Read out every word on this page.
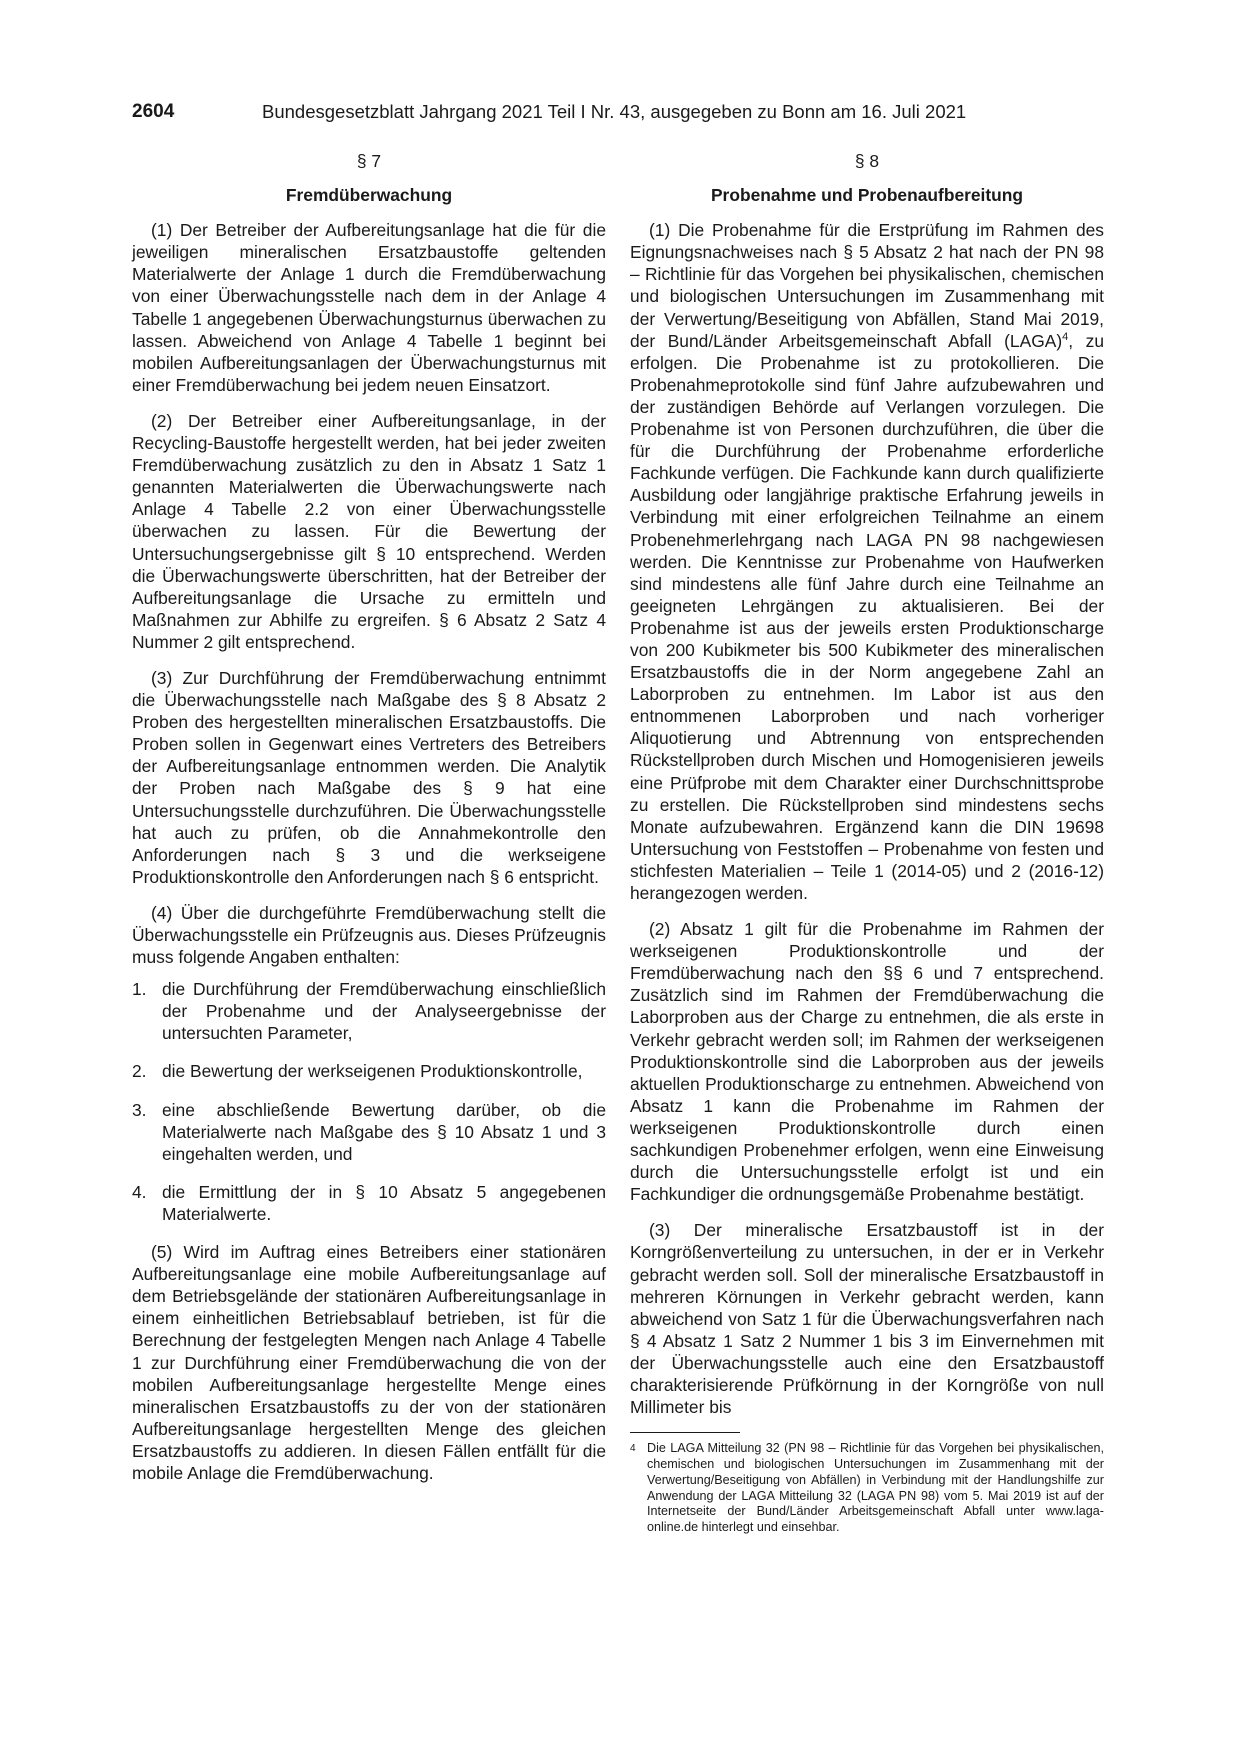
2604	Bundesgesetzblatt Jahrgang 2021 Teil I Nr. 43, ausgegeben zu Bonn am 16. Juli 2021
§ 7
Fremdüberwachung

(1) Der Betreiber der Aufbereitungsanlage hat die für die jeweiligen mineralischen Ersatzbaustoffe geltenden Materialwerte der Anlage 1 durch die Fremdüberwachung von einer Überwachungsstelle nach dem in der Anlage 4 Tabelle 1 angegebenen Überwachungsturnus überwachen zu lassen. Abweichend von Anlage 4 Tabelle 1 beginnt bei mobilen Aufbereitungsanlagen der Überwachungsturnus mit einer Fremdüberwachung bei jedem neuen Einsatzort.

(2) Der Betreiber einer Aufbereitungsanlage, in der Recycling-Baustoffe hergestellt werden, hat bei jeder zweiten Fremdüberwachung zusätzlich zu den in Absatz 1 Satz 1 genannten Materialwerten die Überwachungswerte nach Anlage 4 Tabelle 2.2 von einer Überwachungsstelle überwachen zu lassen. Für die Bewertung der Untersuchungsergebnisse gilt § 10 entsprechend. Werden die Überwachungswerte überschritten, hat der Betreiber der Aufbereitungsanlage die Ursache zu ermitteln und Maßnahmen zur Abhilfe zu ergreifen. § 6 Absatz 2 Satz 4 Nummer 2 gilt entsprechend.

(3) Zur Durchführung der Fremdüberwachung entnimmt die Überwachungsstelle nach Maßgabe des § 8 Absatz 2 Proben des hergestellten mineralischen Ersatzbaustoffs. Die Proben sollen in Gegenwart eines Vertreters des Betreibers der Aufbereitungsanlage entnommen werden. Die Analytik der Proben nach Maßgabe des § 9 hat eine Untersuchungsstelle durchzuführen. Die Überwachungsstelle hat auch zu prüfen, ob die Annahmekontrolle den Anforderungen nach § 3 und die werkseigene Produktionskontrolle den Anforderungen nach § 6 entspricht.

(4) Über die durchgeführte Fremdüberwachung stellt die Überwachungsstelle ein Prüfzeugnis aus. Dieses Prüfzeugnis muss folgende Angaben enthalten:

1. die Durchführung der Fremdüberwachung einschließlich der Probenahme und der Analyseergebnisse der untersuchten Parameter,
2. die Bewertung der werkseigenen Produktionskontrolle,
3. eine abschließende Bewertung darüber, ob die Materialwerte nach Maßgabe des § 10 Absatz 1 und 3 eingehalten werden, und
4. die Ermittlung der in § 10 Absatz 5 angegebenen Materialwerte.

(5) Wird im Auftrag eines Betreibers einer stationären Aufbereitungsanlage eine mobile Aufbereitungsanlage auf dem Betriebsgelände der stationären Aufbereitungsanlage in einem einheitlichen Betriebsablauf betrieben, ist für die Berechnung der festgelegten Mengen nach Anlage 4 Tabelle 1 zur Durchführung einer Fremdüberwachung die von der mobilen Aufbereitungsanlage hergestellte Menge eines mineralischen Ersatzbaustoffs zu der von der stationären Aufbereitungsanlage hergestellten Menge des gleichen Ersatzbaustoffs zu addieren. In diesen Fällen entfällt für die mobile Anlage die Fremdüberwachung.

§ 8
Probenahme und Probenaufbereitung

(1) Die Probenahme für die Erstprüfung im Rahmen des Eignungsnachweises nach § 5 Absatz 2 hat nach der PN 98 – Richtlinie für das Vorgehen bei physikalischen, chemischen und biologischen Untersuchungen im Zusammenhang mit der Verwertung/Beseitigung von Abfällen, Stand Mai 2019, der Bund/Länder Arbeitsgemeinschaft Abfall (LAGA)$^4$, zu erfolgen. Die Probenahme ist zu protokollieren. Die Probenahmeprotokolle sind fünf Jahre aufzubewahren und der zuständigen Behörde auf Verlangen vorzulegen. Die Probenahme ist von Personen durchzuführen, die über die für die Durchführung der Probenahme erforderliche Fachkunde verfügen. Die Fachkunde kann durch qualifizierte Ausbildung oder langjährige praktische Erfahrung jeweils in Verbindung mit einer erfolgreichen Teilnahme an einem Probenehmerlehrgang nach LAGA PN 98 nachgewiesen werden. Die Kenntnisse zur Probenahme von Haufwerken sind mindestens alle fünf Jahre durch eine Teilnahme an geeigneten Lehrgängen zu aktualisieren. Bei der Probenahme ist aus der jeweils ersten Produktionscharge von 200 Kubikmeter bis 500 Kubikmeter des mineralischen Ersatzbaustoffs die in der Norm angegebene Zahl an Laborproben zu entnehmen. Im Labor ist aus den entnommenen Laborproben und nach vorheriger Aliquotierung und Abtrennung von entsprechenden Rückstellproben durch Mischen und Homogenisieren jeweils eine Prüfprobe mit dem Charakter einer Durchschnittsprobe zu erstellen. Die Rückstellproben sind mindestens sechs Monate aufzubewahren. Ergänzend kann die DIN 19698 Untersuchung von Feststoffen – Probenahme von festen und stichfesten Materialien – Teile 1 (2014-05) und 2 (2016-12) herangezogen werden.

(2) Absatz 1 gilt für die Probenahme im Rahmen der werkseigenen Produktionskontrolle und der Fremdüberwachung nach den §§ 6 und 7 entsprechend. Zusätzlich sind im Rahmen der Fremdüberwachung die Laborproben aus der Charge zu entnehmen, die als erste in Verkehr gebracht werden soll; im Rahmen der werkseigenen Produktionskontrolle sind die Laborproben aus der jeweils aktuellen Produktionscharge zu entnehmen. Abweichend von Absatz 1 kann die Probenahme im Rahmen der werkseigenen Produktionskontrolle durch einen sachkundigen Probenehmer erfolgen, wenn eine Einweisung durch die Untersuchungsstelle erfolgt ist und ein Fachkundiger die ordnungsgemäße Probenahme bestätigt.

(3) Der mineralische Ersatzbaustoff ist in der Korngrößenverteilung zu untersuchen, in der er in Verkehr gebracht werden soll. Soll der mineralische Ersatzbaustoff in mehreren Körnungen in Verkehr gebracht werden, kann abweichend von Satz 1 für die Überwachungsverfahren nach § 4 Absatz 1 Satz 2 Nummer 1 bis 3 im Einvernehmen mit der Überwachungsstelle auch eine den Ersatzbaustoff charakterisierende Prüfkörnung in der Korngröße von null Millimeter bis

4 Die LAGA Mitteilung 32 (PN 98 – Richtlinie für das Vorgehen bei physikalischen, chemischen und biologischen Untersuchungen im Zusammenhang mit der Verwertung/Beseitigung von Abfällen) in Verbindung mit der Handlungshilfe zur Anwendung der LAGA Mitteilung 32 (LAGA PN 98) vom 5. Mai 2019 ist auf der Internetseite der Bund/Länder Arbeitsgemeinschaft Abfall unter www.laga-online.de hinterlegt und einsehbar.
